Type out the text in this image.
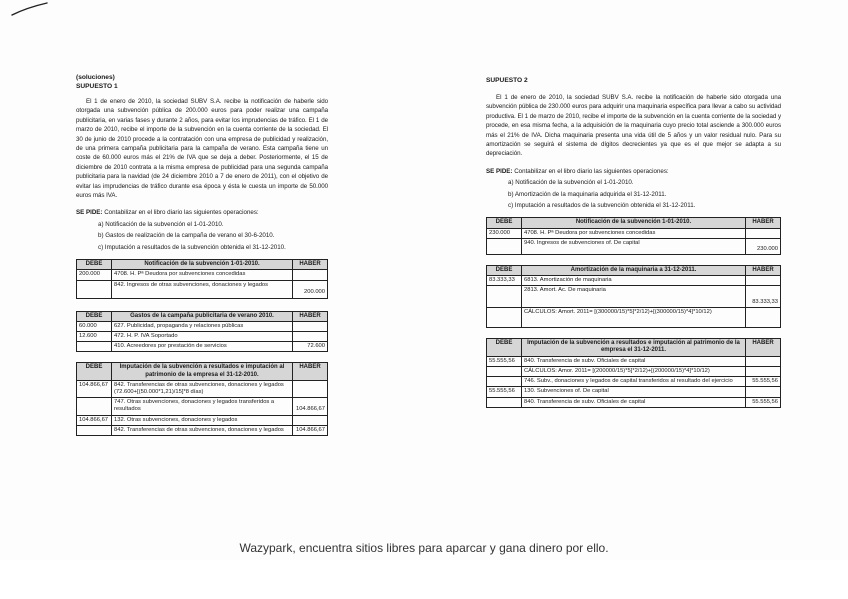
(soluciones)
SUPUESTO 1

El 1 de enero de 2010, la sociedad SUBV S.A. recibe la notificación de haberle sido otorgada una subvención pública de 200.000 euros para poder realizar una campaña publicitaria, en varias fases y durante 2 años, para evitar los imprudencias de tráfico. El 1 de marzo de 2010, recibe el importe de la subvención en la cuenta corriente de la sociedad. El 30 de junio de 2010 procede a la contratación con una empresa de publicidad y realización, de una primera campaña publicitaria para la campaña de verano. Esta campaña tiene un coste de 60.000 euros más el 21% de IVA que se deja a deber. Posteriormente, el 15 de diciembre de 2010 contrata a la misma empresa de publicidad para una segunda campaña publicitaria para la navidad (de 24 diciembre 2010 a 7 de enero de 2011), con el objetivo de evitar las imprudencias de tráfico durante esa época y ésta le cuesta un importe de 50.000 euros más IVA.

SE PIDE: Contabilizar en el libro diario las siguientes operaciones:
a) Notificación de la subvención el 1-01-2010.
b) Gastos de realización de la campaña de verano el 30-6-2010.
c) Imputación a resultados de la subvención obtenida el 31-12-2010.
DEBE	Notificación de la subvención 1-01-2010.	HABER
200.000	4708. H. Pª Deudora por subvenciones concedidas	
	842. Ingresos de otras subvenciones, donaciones y legados	200.000
DEBE	Gastos de la campaña publicitaria de verano 2010.	HABER
60.000	627. Publicidad, propaganda y relaciones públicas	
12.600	472. H. P. IVA Soportado	
	410. Acreedores por prestación de servicios	72.600
DEBE	Imputación de la subvención a resultados e imputación al patrimonio de la empresa el 31-12-2010.	HABER
104.866,67	842. Transferencias de otras subvenciones, donaciones y legados (72.600+[(50.000*1,21)/15]*8 días)	
	747. Otras subvenciones, donaciones y legados transferidos a resultados	104.866,67
104.866,67	132. Otras subvenciones, donaciones y legados	
	842. Transferencias de otras subvenciones, donaciones y legados	104.866,67
SUPUESTO 2

El 1 de enero de 2010, la sociedad SUBV S.A. recibe la notificación de haberle sido otorgada una subvención pública de 230.000 euros para adquirir una maquinaria específica para llevar a cabo su actividad productiva. El 1 de marzo de 2010, recibe el importe de la subvención en la cuenta corriente de la sociedad y procede, en esa misma fecha, a la adquisición de la maquinaria cuyo precio total asciende a 300.000 euros más el 21% de IVA. Dicha maquinaria presenta una vida útil de 5 años y un valor residual nulo. Para su amortización se seguirá el sistema de dígitos decrecientes ya que es el que mejor se adapta a su depreciación.

SE PIDE: Contabilizar en el libro diario las siguientes operaciones:
a) Notificación de la subvención el 1-01-2010.
b) Amortización de la maquinaria adquirida el 31-12-2011.
c) Imputación a resultados de la subvención obtenida el 31-12-2011.
DEBE	Notificación de la subvención 1-01-2010.	HABER
230.000	4708. H. Pª Deudora por subvenciones concedidas	
	940. Ingresos de subvenciones of. De capital	230.000
DEBE	Amortización de la maquinaria a 31-12-2011.	HABER
83.333,33	6813. Amortización de maquinaria	
	2813. Amort. Ac. De maquinaria	83.333,33
	CÁLCULOS: Amort. 2011= [(300000/15)*5]*2/12)+[(300000/15)*4]*10/12)	
DEBE	Imputación de la subvención a resultados e imputación al patrimonio de la empresa el 31-12-2011.	HABER
55.555,56	840. Transferencia de subv. Oficiales de capital	
	CÁLCULOS: Amor. 2011= [(200000/15)*5]*2/12)+[(200000/15)*4]*10/12)	
	746. Subv., donaciones y legados de capital transferidos al resultado del ejercicio	55.555,56
55.555,56	130. Subvenciones of. De capital	
	840. Transferencia de subv. Oficiales de capital	55.555,56
Wazypark, encuentra sitios libres para aparcar y gana dinero por ello.
